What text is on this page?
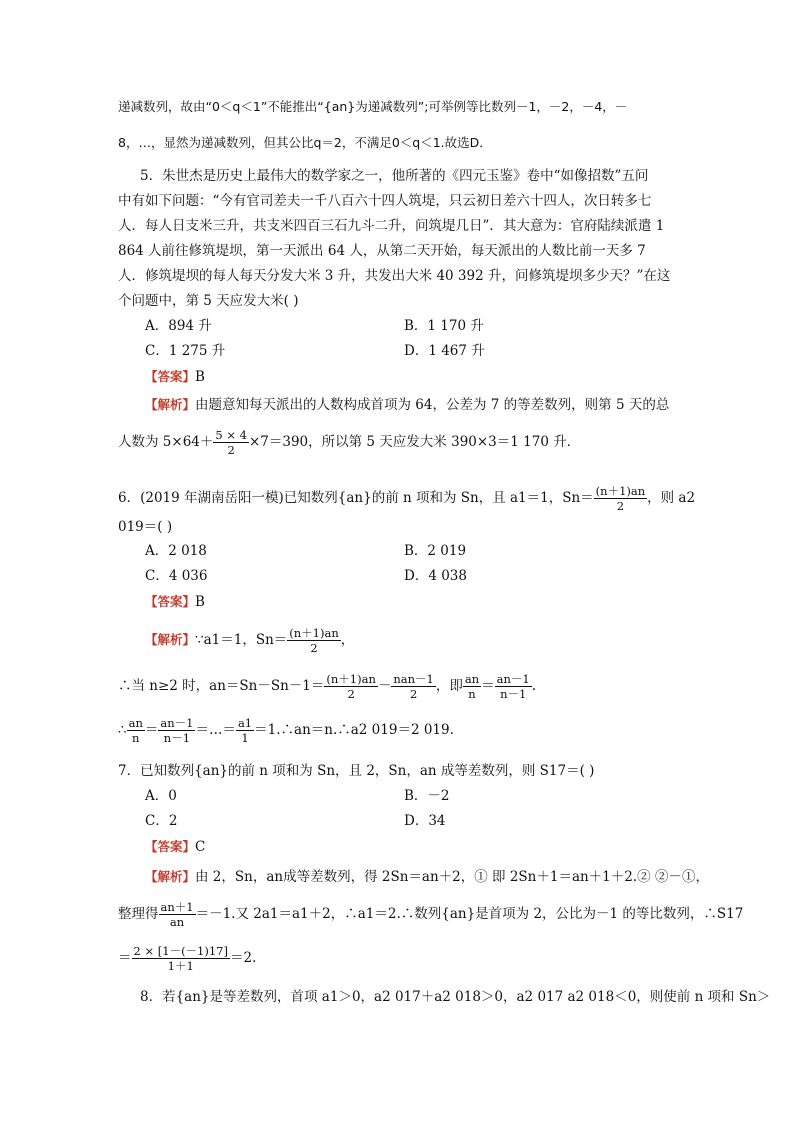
递减数列，故由“0＜q＜1”不能推出“{an}为递减数列”;可举例等比数列－1，－2，－4，－
8，…，显然为递减数列，但其公比q＝2，不满足0＜q＜1.故选D．
5．朱世杰是历史上最伟大的数学家之一，他所著的《四元玉鉴》卷中“如像招数”五问
中有如下问题：“今有官司差夫一千八百六十四人筑堤，只云初日差六十四人，次日转多七
人．每人日支米三升，共支米四百三石九斗二升，问筑堤几日”．其大意为：官府陆续派遣 1
864 人前往修筑堤坝，第一天派出 64 人，从第二天开始，每天派出的人数比前一天多 7
人．修筑堤坝的每人每天分发大米 3 升，共发出大米 40 392 升，问修筑堤坝多少天？”在这
个问题中，第 5 天应发大米( )
A．894 升	B．1 170 升
C．1 275 升	D．1 467 升
【答案】B
【解析】由题意知每天派出的人数构成首项为 64，公差为 7 的等差数列，则第 5 天的总
人数为 $5\times 64+ \frac{5 \times 4}{2} \times 7=390$，所以第 5 天应发大米 390×3＝1 170 升．
6．(2019 年湖南岳阳一模)已知数列{an}的前 n 项和为 Sn，且 a1＝1，$Sn= \frac{(n+1)an}{2}$ ，则 a2
019＝( )
A．2 018	B．2 019
C．4 036	D．4 038
【答案】B
【解析】∵a1＝1，$Sn= \frac{(n+1)an}{2}$ ，
∴当 n≥2 时，$an=Sn-Sn-1= \frac{(n+1)an}{2} - \frac{\text{nan－1}}{2}$ ，即 $\frac{an}{n} = \frac{an-1}{n-1}$ .
∴ $\frac{an}{n} = \frac{an-1}{n-1}$ ＝…＝ $\frac{a1}{1}$ ＝1.∴an＝n.∴a2 019＝2 019.
7．已知数列{an}的前 n 项和为 Sn，且 2，Sn，an 成等差数列，则 S17＝( )
A．0	B．－2
C．2	D．34
【答案】C
【解析】由 2，Sn，an成等差数列，得 2Sn＝an＋2，① 即 2Sn＋1＝an＋1＋2.② ②－①，
整理得 $\frac{an+1}{an} =-1$.又 2a1＝a1＋2，∴a1＝2.∴数列{an}是首项为 2，公比为－1 的等比数列，∴S17
＝ $\frac{2 \times [1-(-1)17]}{1+1} =2$.
8．若{an}是等差数列，首项 a1＞0，a2 017＋a2 018＞0，a2 017 a2 018＜0，则使前 n 项和 Sn＞
